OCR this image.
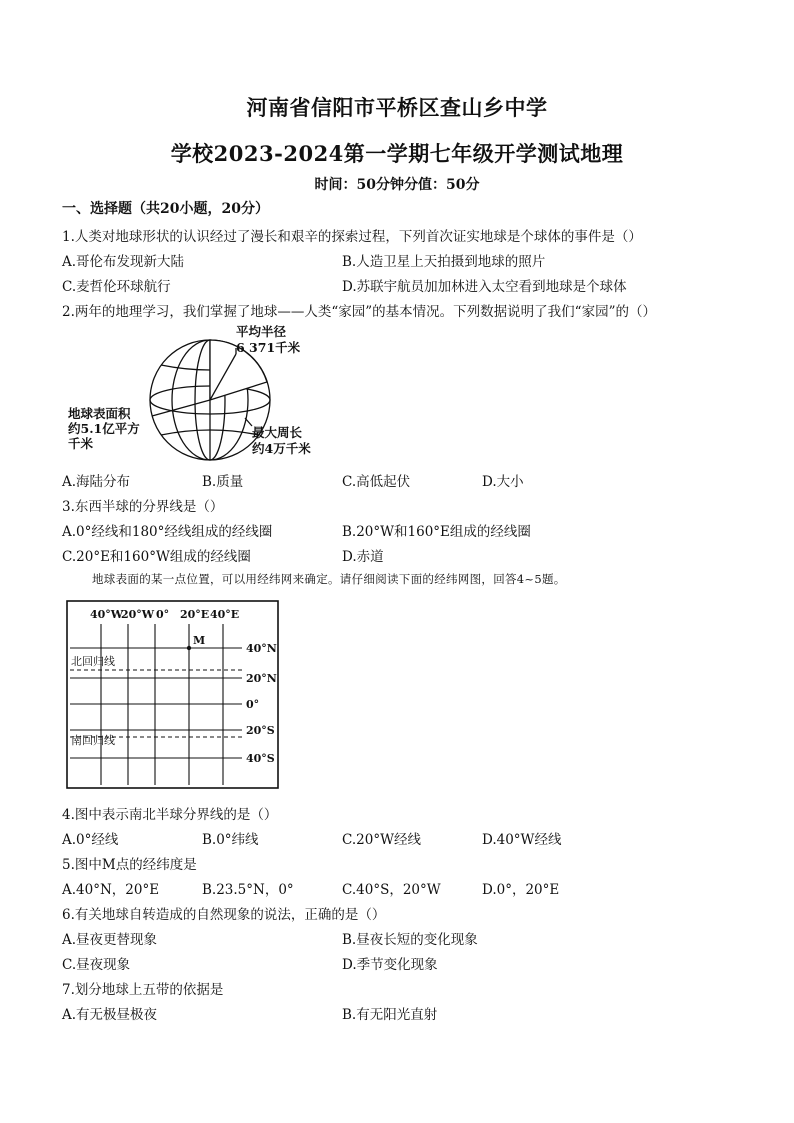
河南省信阳市平桥区查山乡中学
学校2023-2024第一学期七年级开学测试地理
时间：50分钟分值：50分
一、选择题（共20小题，20分）
1.人类对地球形状的认识经过了漫长和艰辛的探索过程，下列首次证实地球是个球体的事件是（）
A.哥伦布发现新大陆	B.人造卫星上天拍摄到地球的照片
C.麦哲伦环球航行	D.苏联宇航员加加林进入太空看到地球是个球体
2.两年的地理学习，我们掌握了地球——人类“家园”的基本情况。下列数据说明了我们“家园”的（）
平均半径
6 371千米
地球表面积
约5.1亿平方
千米
最大周长
约4万千米
A.海陆分布	B.质量	C.高低起伏	D.大小
3.东西半球的分界线是（）
A.0°经线和180°经线组成的经线圈	B.20°W和160°E组成的经线圈
C.20°E和160°W组成的经线圈	D.赤道
地球表面的某一点位置，可以用经纬网来确定。请仔细阅读下面的经纬网图，回答4~5题。
40°W
20°W 0° 20°E 40°E
M
40°N
20°N
0°
20°S
40°S
北回归线
南回归线
4.图中表示南北半球分界线的是（）
A.0°经线	B.0°纬线	C.20°W经线	D.40°W经线
5.图中M点的经纬度是
A.40°N，20°E	B.23.5°N，0°	C.40°S，20°W	D.0°，20°E
6.有关地球自转造成的自然现象的说法，正确的是（）
A.昼夜更替现象	B.昼夜长短的变化现象
C.昼夜现象	D.季节变化现象
7.划分地球上五带的依据是
A.有无极昼极夜	B.有无阳光直射
